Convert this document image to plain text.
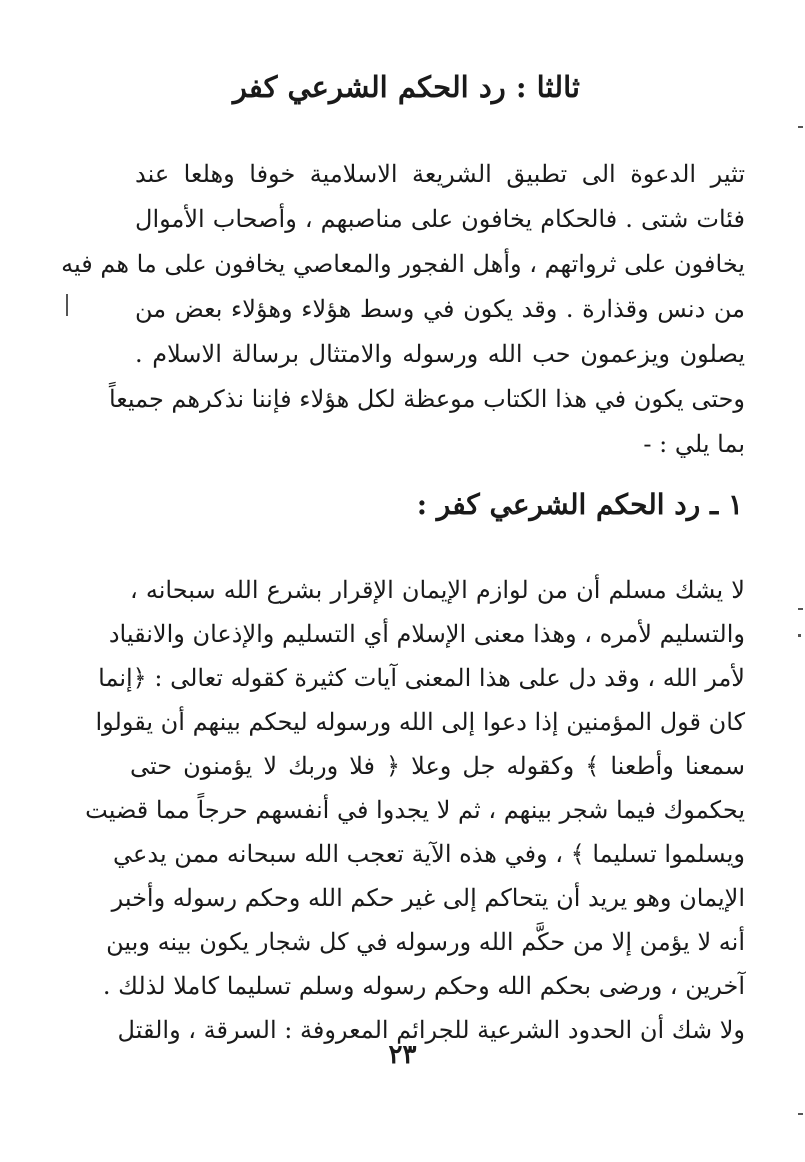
ثالثا : رد الحكم الشرعي كفر
تثير الدعوة الى تطبيق الشريعة الاسلامية خوفا وهلعا عند
فئات شتى . فالحكام يخافون على مناصبهم ، وأصحاب الأموال
يخافون على ثرواتهم ، وأهل الفجور والمعاصي يخافون على ما هم فيه
من دنس وقذارة . وقد يكون في وسط هؤلاء وهؤلاء بعض من
يصلون ويزعمون حب الله ورسوله والامتثال برسالة الاسلام .
وحتى يكون في هذا الكتاب موعظة لكل هؤلاء فإننا نذكرهم جميعاً
بما يلي : -
١ ـ رد الحكم الشرعي كفر :
لا يشك مسلم أن من لوازم الإيمان الإقرار بشرع الله سبحانه ،
والتسليم لأمره ، وهذا معنى الإسلام أي التسليم والإذعان والانقياد
لأمر الله ، وقد دل على هذا المعنى آيات كثيرة كقوله تعالى : ﴿إنما
كان قول المؤمنين إذا دعوا إلى الله ورسوله ليحكم بينهم أن يقولوا
سمعنا وأطعنا ﴾ وكقوله جل وعلا ﴿ فلا وربك لا يؤمنون حتى
يحكموك فيما شجر بينهم ، ثم لا يجدوا في أنفسهم حرجاً مما قضيت
ويسلموا تسليما ﴾ ، وفي هذه الآية تعجب الله سبحانه ممن يدعي
الإيمان وهو يريد أن يتحاكم إلى غير حكم الله وحكم رسوله وأخبر
أنه لا يؤمن إلا من حكَّم الله ورسوله في كل شجار يكون بينه وبين
آخرين ، ورضى بحكم الله وحكم رسوله وسلم تسليما كاملا لذلك .
ولا شك أن الحدود الشرعية للجرائم المعروفة : السرقة ، والقتل
٢٣
